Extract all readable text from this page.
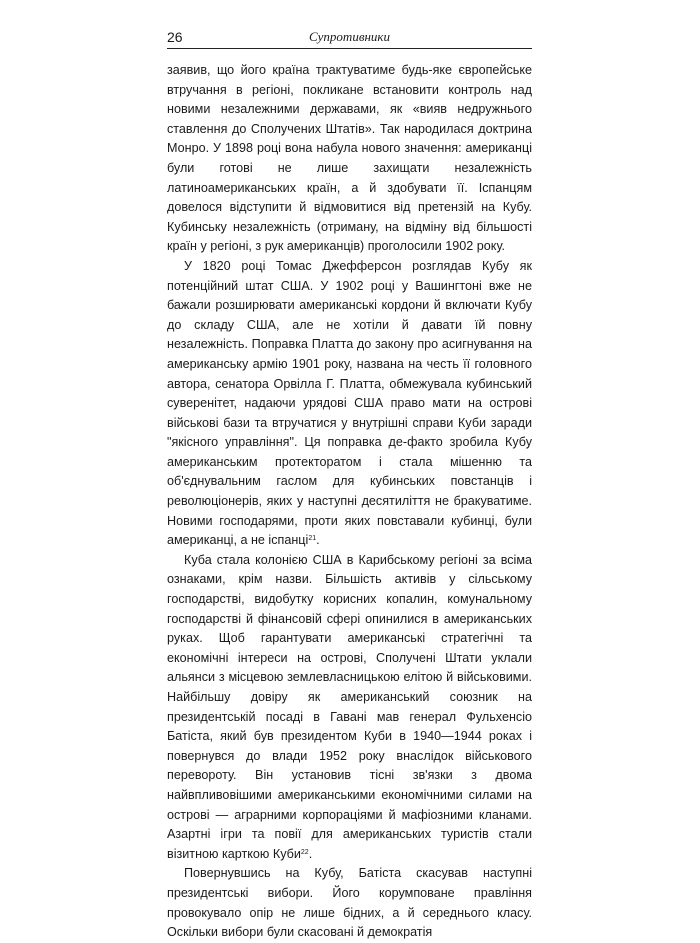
26	Супротивники

заявив, що його країна трактуватиме будь-яке європейське втручання в регіоні, покликане встановити контроль над новими незалежними державами, як «вияв недружнього ставлення до Сполучених Штатів». Так народилася доктрина Монро. У 1898 році вона набула нового значення: американці були готові не лише захищати незалежність латиноамериканських країн, а й здобувати її. Іспанцям довелося відступити й відмовитися від претензій на Кубу. Кубинську незалежність (отриману, на відміну від більшості країн у регіоні, з рук американців) проголосили 1902 року.

У 1820 році Томас Джефферсон розглядав Кубу як потенційний штат США. У 1902 році у Вашингтоні вже не бажали розширювати американські кордони й включати Кубу до складу США, але не хотіли й давати їй повну незалежність. Поправка Платта до закону про асигнування на американську армію 1901 року, названа на честь її головного автора, сенатора Орвілла Г. Платта, обмежувала кубинський суверенітет, надаючи урядові США право мати на острові військові бази та втручатися у внутрішні справи Куби заради "якісного управління". Ця поправка де-факто зробила Кубу американським протекторатом і стала мішенню та об'єднувальним гаслом для кубинських повстанців і революціонерів, яких у наступні десятиліття не бракуватиме. Новими господарями, проти яких повставали кубинці, були американці, а не іспанці$^{21}$.

Куба стала колонією США в Карибському регіоні за всіма ознаками, крім назви. Більшість активів у сільському господарстві, видобутку корисних копалин, комунальному господарстві й фінансовій сфері опинилися в американських руках. Щоб гарантувати американські стратегічні та економічні інтереси на острові, Сполучені Штати уклали альянси з місцевою землевласницькою елітою й військовими. Найбільшу довіру як американський союзник на президентській посаді в Гавані мав генерал Фульхенсіо Батіста, який був президентом Куби в 1940—1944 роках і повернувся до влади 1952 року внаслідок військового перевороту. Він установив тісні зв'язки з двома найвпливовішими американськими економічними силами на острові — аграрними корпораціями й мафіозними кланами. Азартні ігри та повії для американських туристів стали візитною карткою Куби$^{22}$.

Повернувшись на Кубу, Батіста скасував наступні президентські вибори. Його корумповане правління провокувало опір не лише бідних, а й середнього класу. Оскільки вибори були скасовані й демократія
